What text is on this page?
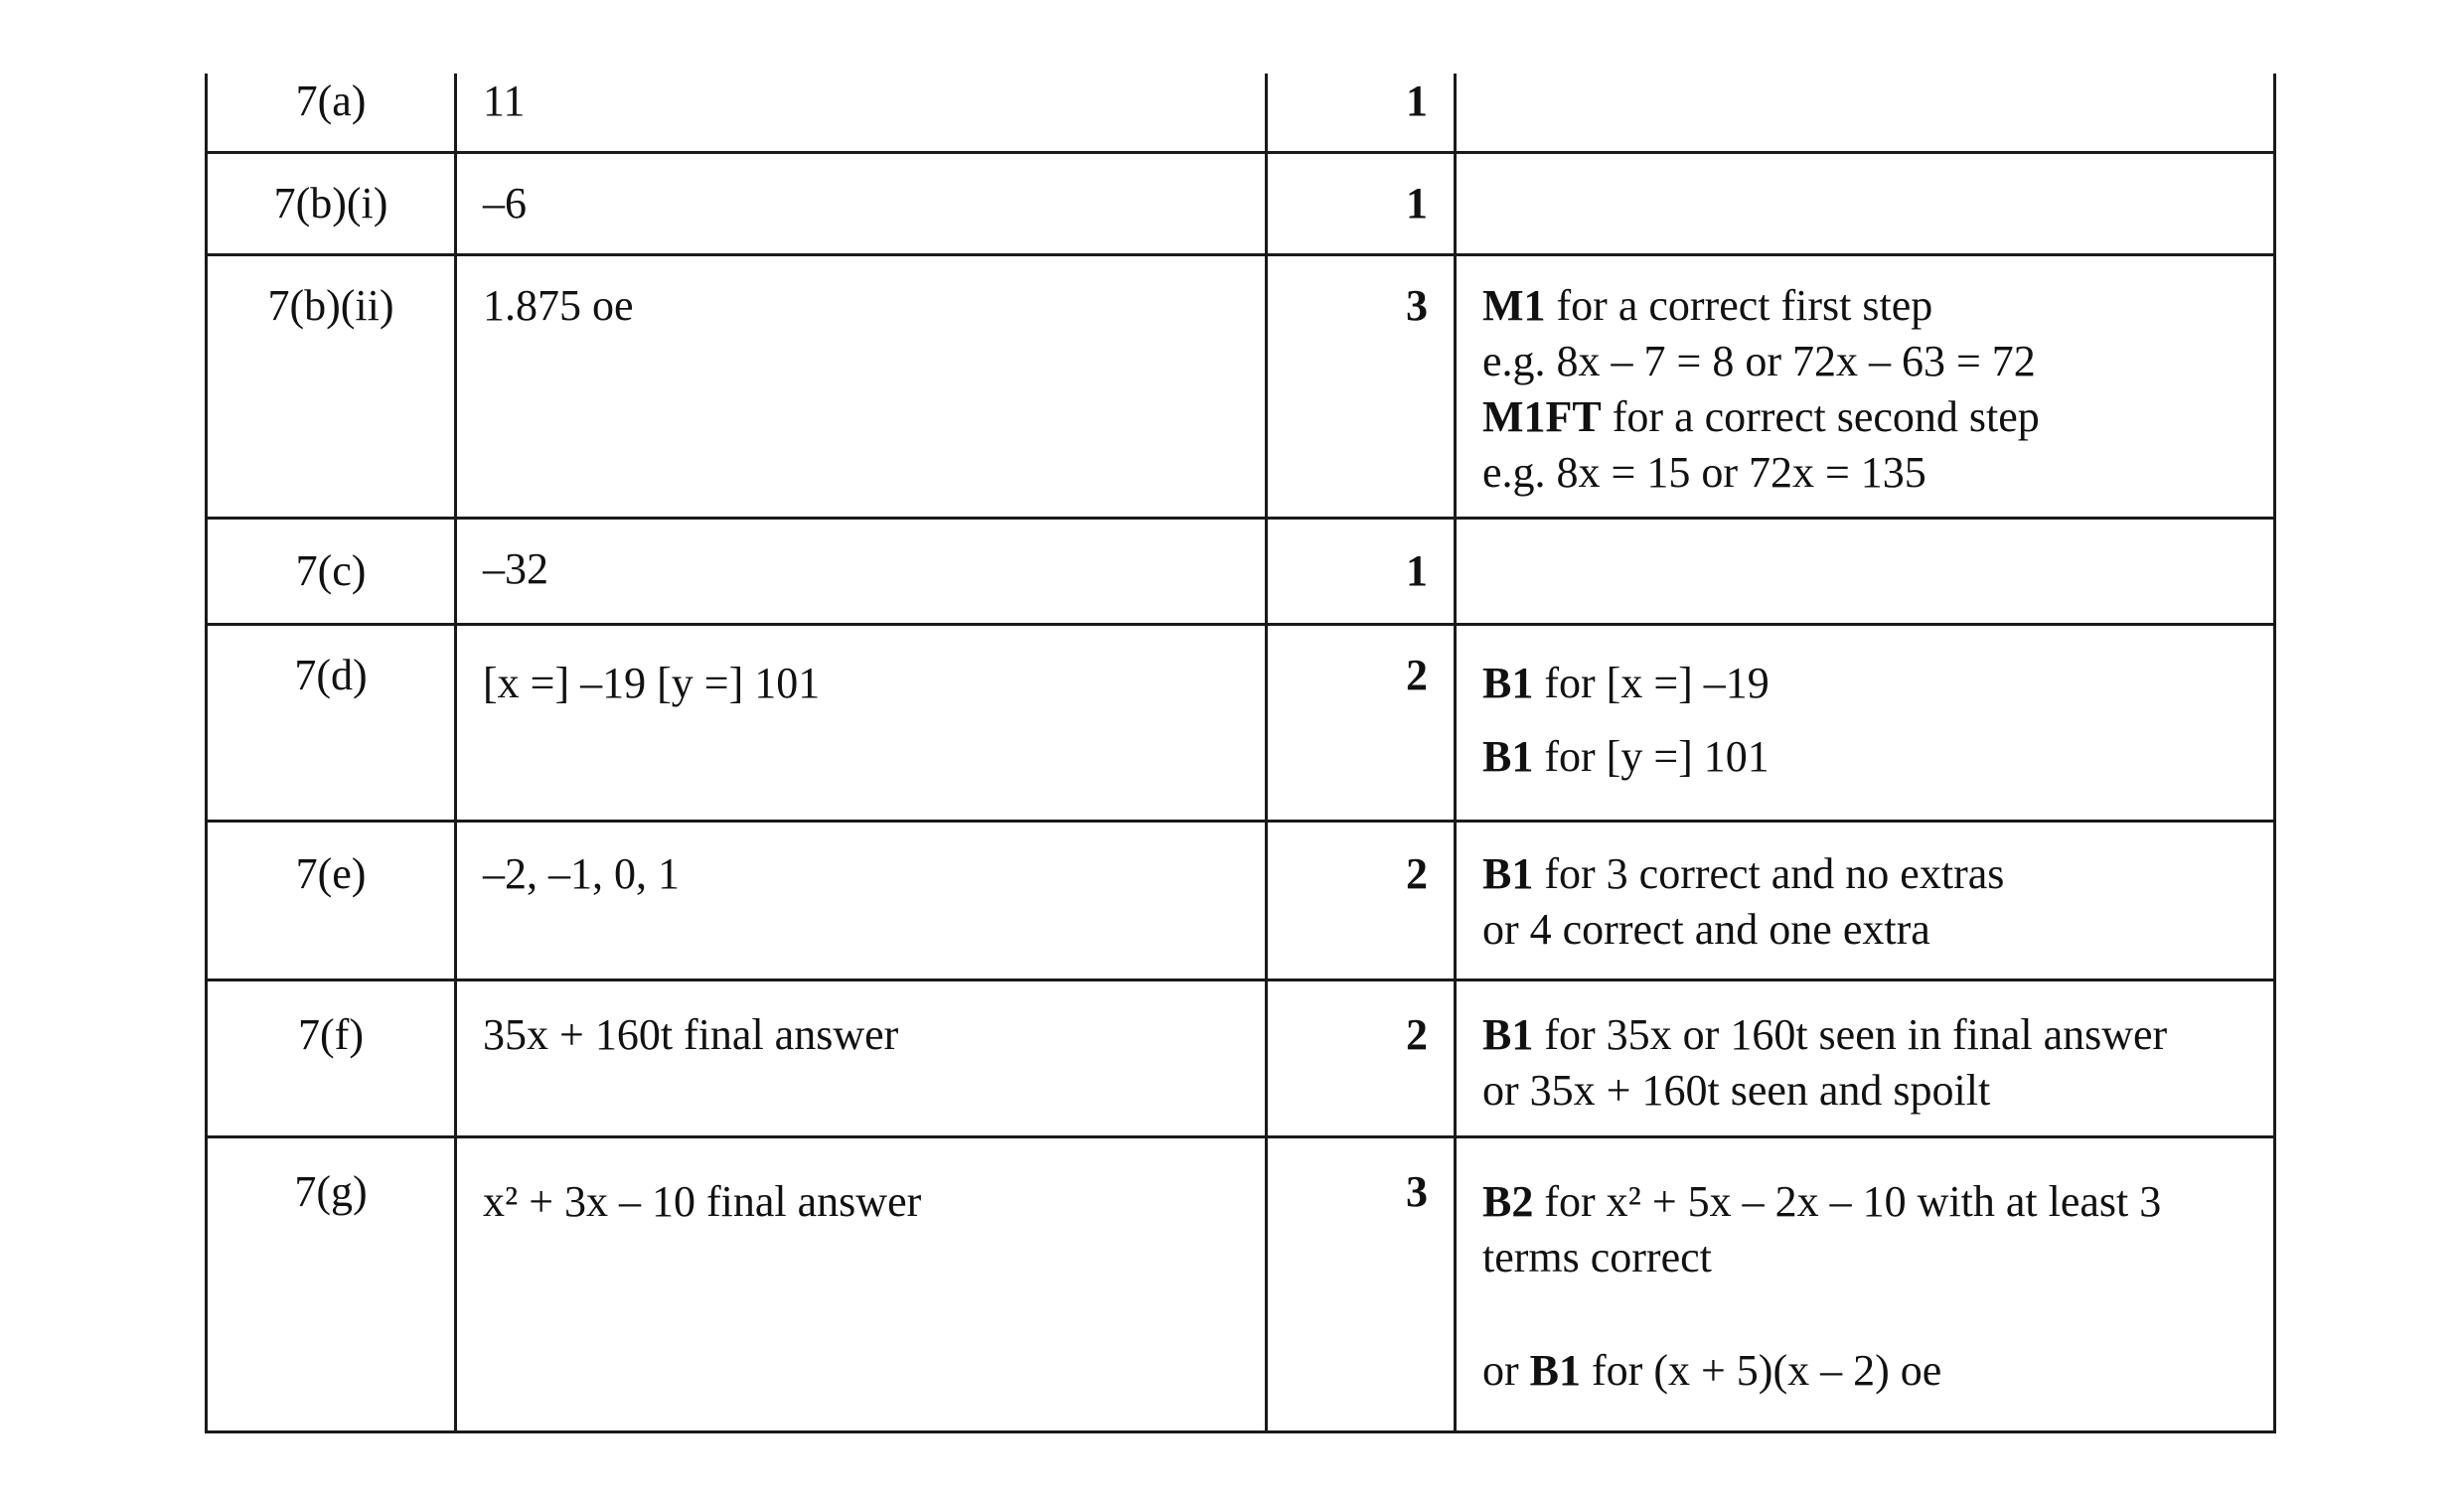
7(a)	11	1	
7(b)(i)	–6	1	
7(b)(ii)	1.875 oe	3	M1 for a correct first step
e.g. 8x – 7 = 8 or 72x – 63 = 72
M1FT for a correct second step
e.g. 8x = 15 or 72x = 135

7(c)	–32	1	
7(d)	[x =] –19 [y =] 101	2	B1 for [x =] –19
B1 for [y =] 101

7(e)	–2, –1, 0, 1	2	B1 for 3 correct and no extras
or 4 correct and one extra

7(f)	35x + 160t final answer	2	B1 for 35x or 160t seen in final answer
or 35x + 160t seen and spoilt

7(g)	x² + 3x – 10 final answer	3	B2 for x² + 5x – 2x – 10 with at least 3
terms correct
or B1 for (x + 5)(x – 2) oe
